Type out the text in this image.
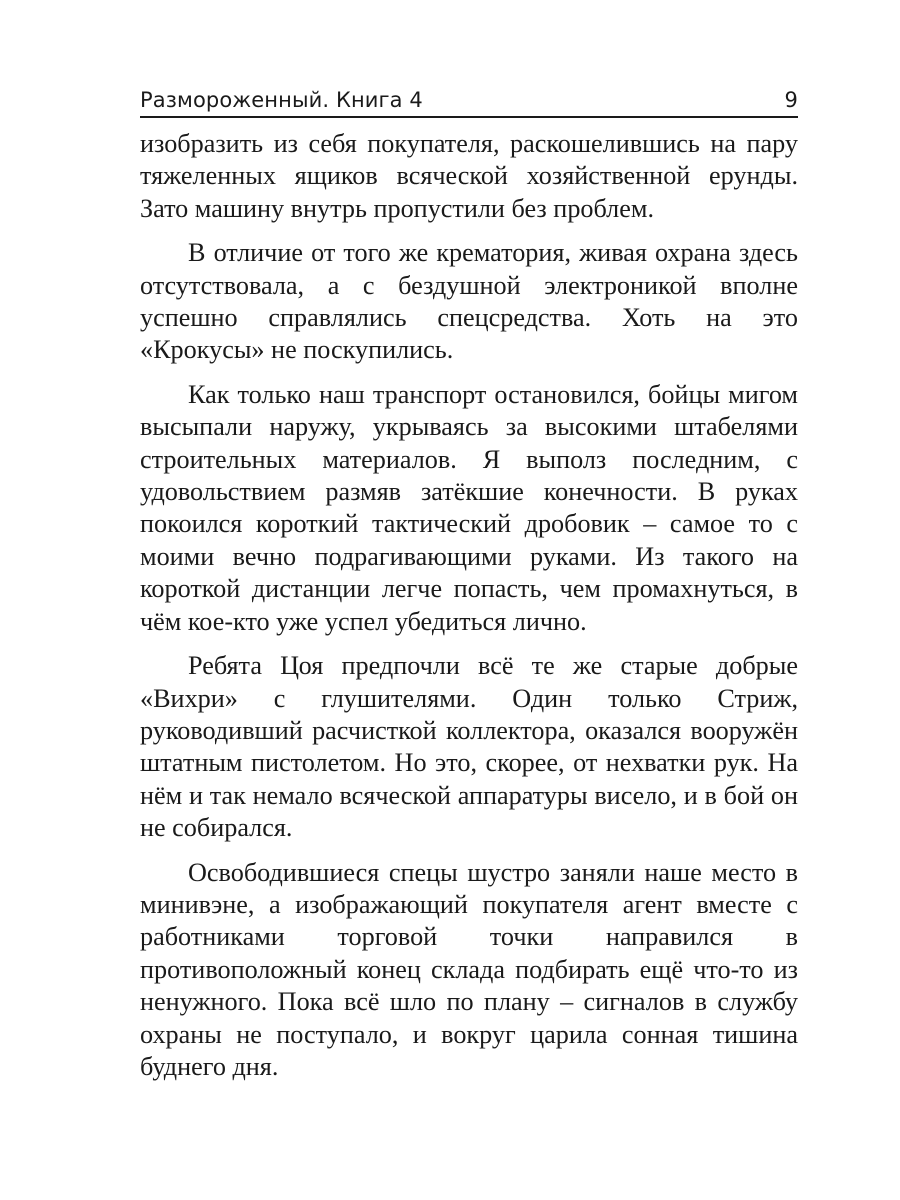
Размороженный. Книга 4	9

изобразить из себя покупателя, раскошелившись на пару тяжеленных ящиков всяческой хозяйственной ерунды. Зато машину внутрь пропустили без проблем.

В отличие от того же крематория, живая охрана здесь отсутствовала, а с бездушной электроникой вполне успешно справлялись спецсредства. Хоть на это «Крокусы» не поскупились.

Как только наш транспорт остановился, бойцы мигом высыпали наружу, укрываясь за высокими штабелями строительных материалов. Я выполз последним, с удовольствием размяв затёкшие конечности. В руках покоился короткий тактический дробовик – самое то с моими вечно подрагивающими руками. Из такого на короткой дистанции легче попасть, чем промахнуться, в чём кое-кто уже успел убедиться лично.

Ребята Цоя предпочли всё те же старые добрые «Вихри» с глушителями. Один только Стриж, руководивший расчисткой коллектора, оказался вооружён штатным пистолетом. Но это, скорее, от нехватки рук. На нём и так немало всяческой аппаратуры висело, и в бой он не собирался.

Освободившиеся спецы шустро заняли наше место в минивэне, а изображающий покупателя агент вместе с работниками торговой точки направился в противоположный конец склада подбирать ещё что-то из ненужного. Пока всё шло по плану – сигналов в службу охраны не поступало, и вокруг царила сонная тишина буднего дня.
